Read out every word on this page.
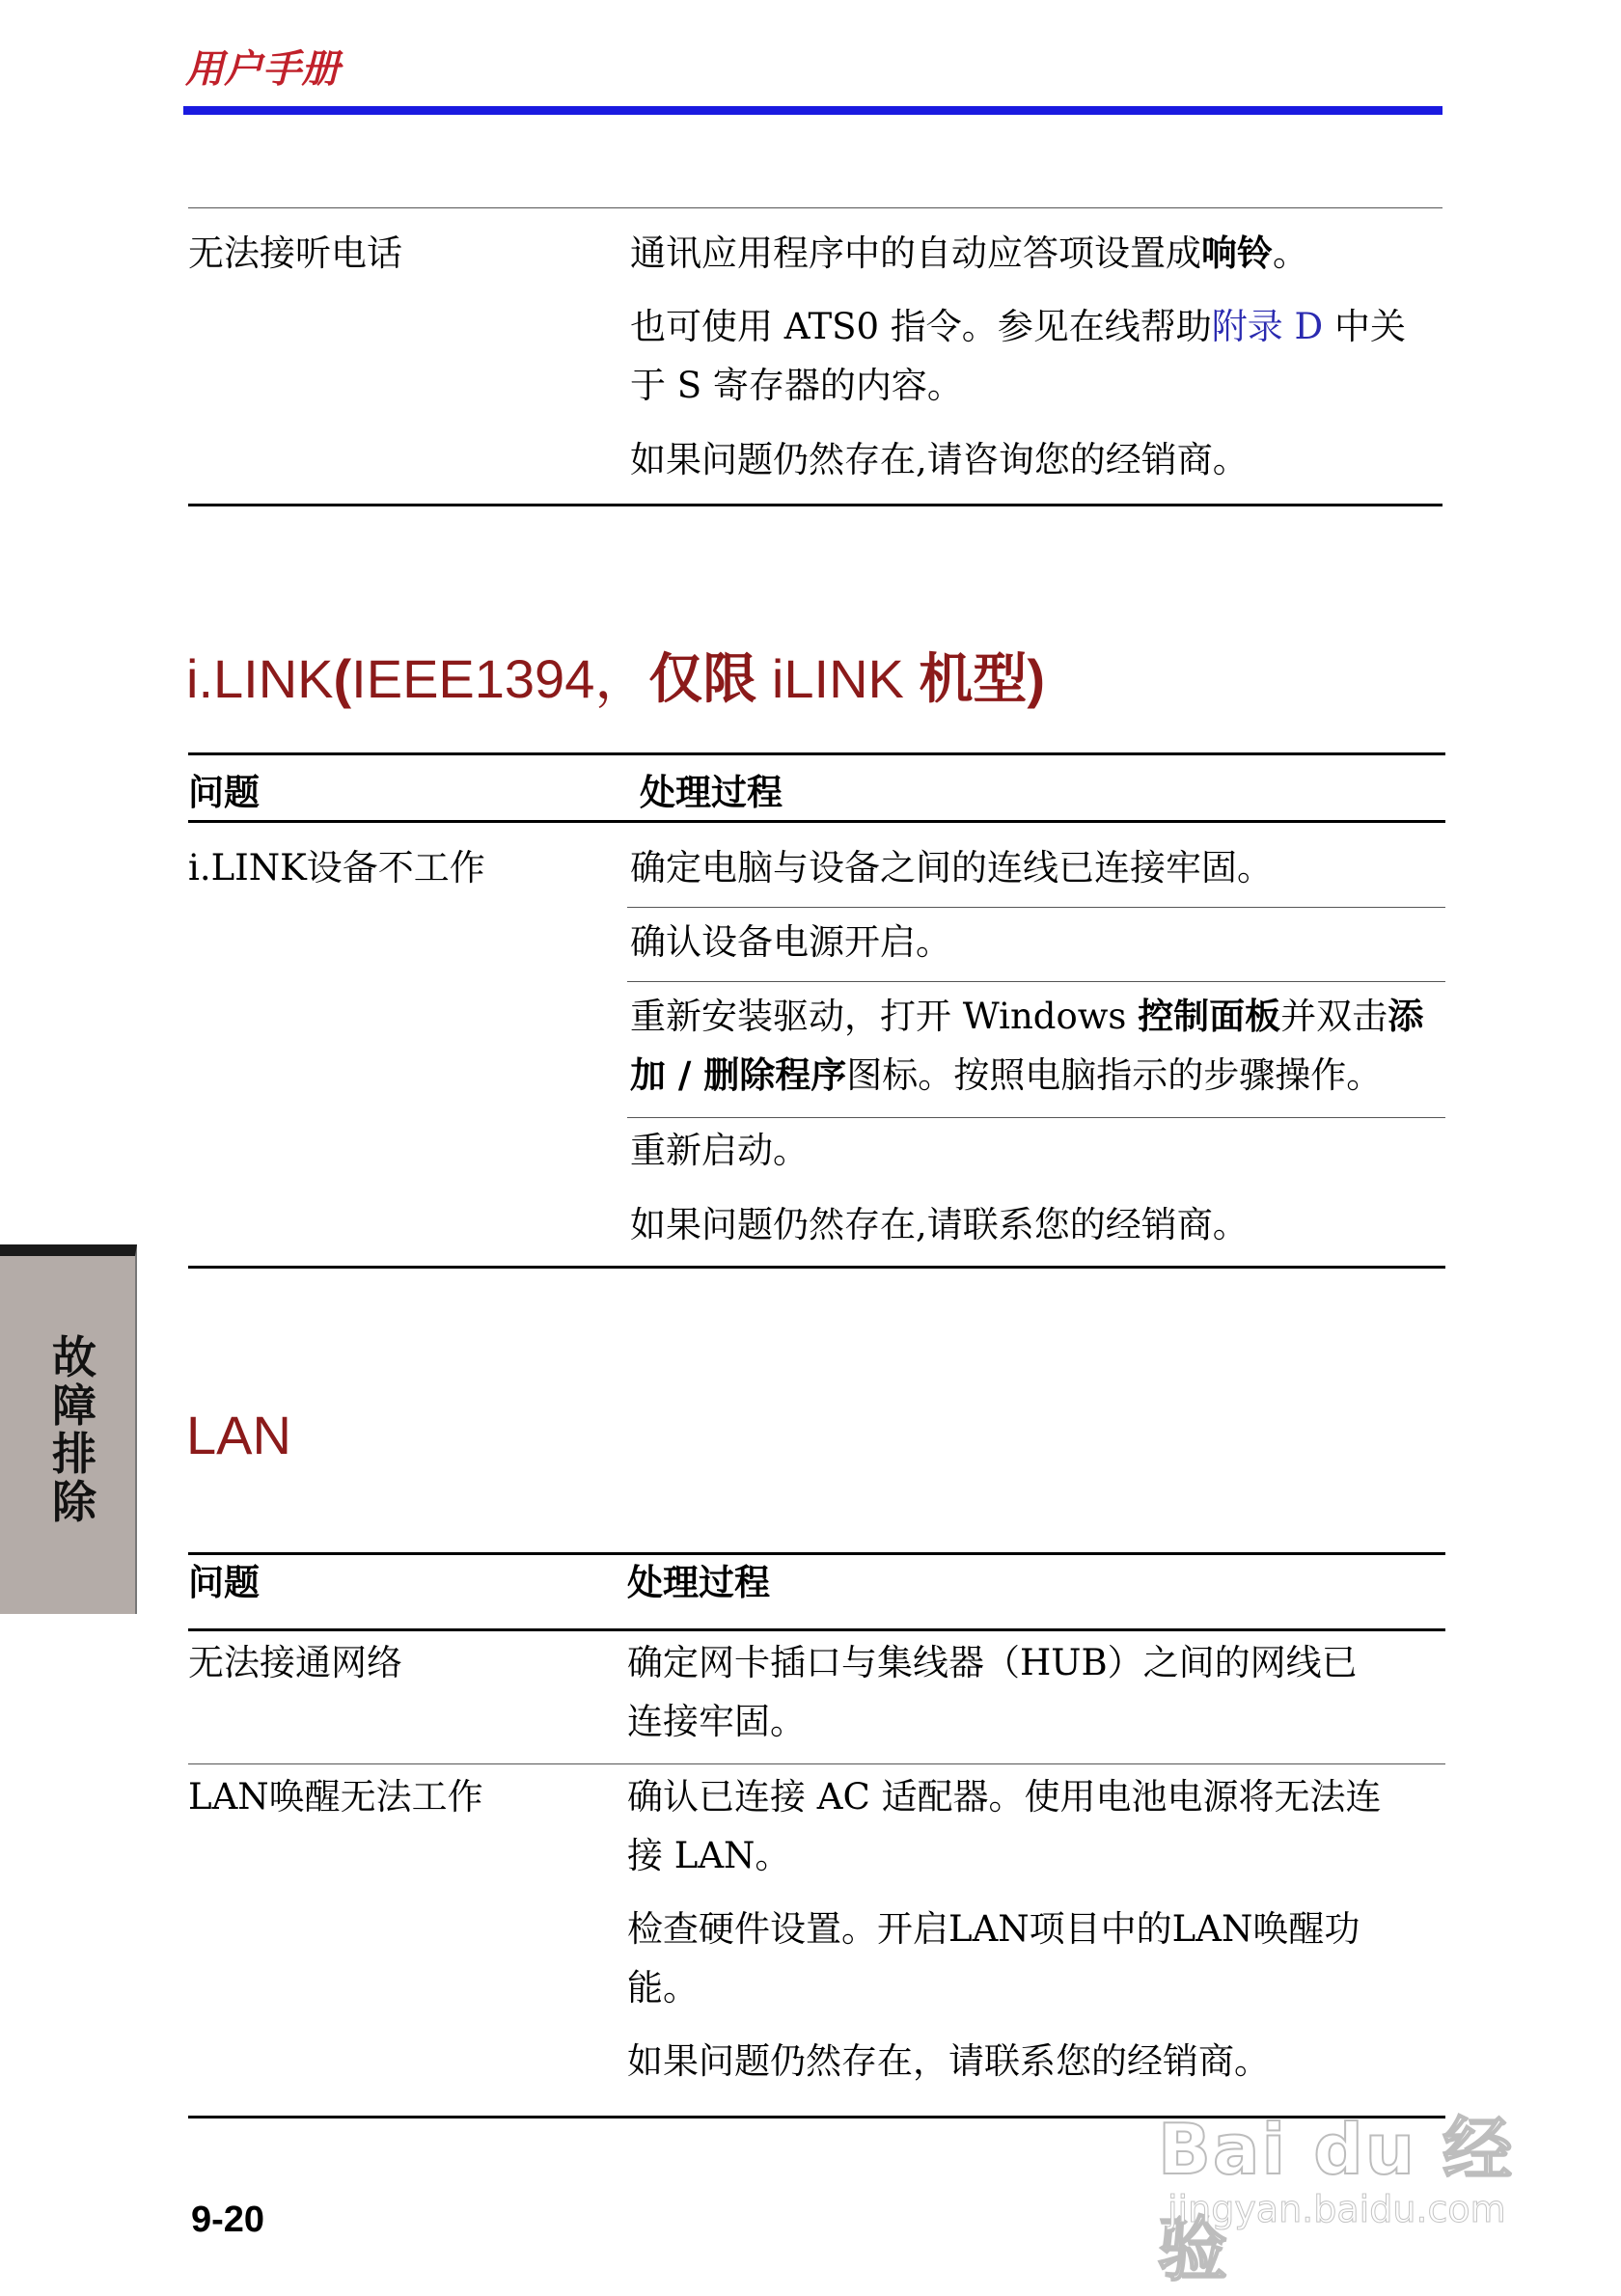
用户手册
无法接听电话	通讯应用程序中的自动应答项设置成响铃。
也可使用 ATS0 指令。参见在线帮助附录 D 中关
于 S 寄存器的内容。
如果问题仍然存在,请咨询您的经销商。
i.LINK(IEEE1394，仅限 iLINK 机型)
问题	处理过程
i.LINK设备不工作	确定电脑与设备之间的连线已连接牢固。
确认设备电源开启。
重新安装驱动，打开 Windows 控制面板并双击添
加 / 删除程序图标。按照电脑指示的步骤操作。
重新启动。
如果问题仍然存在,请联系您的经销商。
LAN
问题	处理过程
无法接通网络	确定网卡插口与集线器（HUB）之间的网线已
连接牢固。
LAN唤醒无法工作	确认已连接 AC 适配器。使用电池电源将无法连
接 LAN。
检查硬件设置。开启LAN项目中的LAN唤醒功
能。
如果问题仍然存在，请联系您的经销商。
故障排除
9-20
Bai du 经验
jingyan.baidu.com
